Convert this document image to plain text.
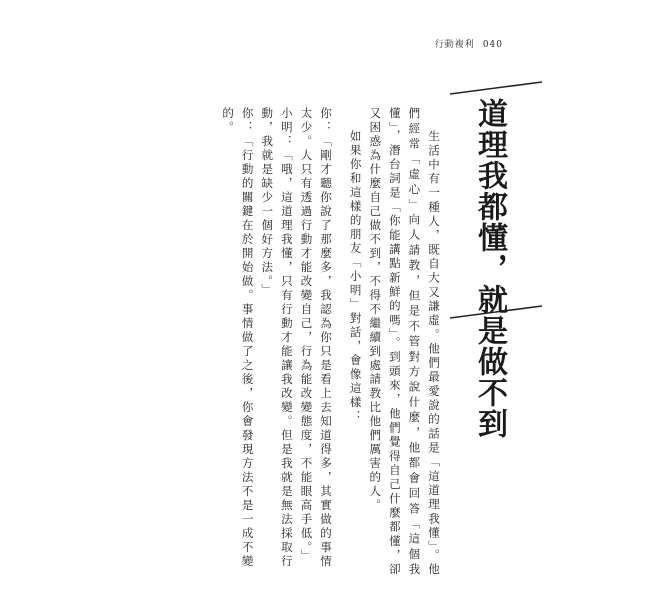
行動複利 040
道理我都懂，就是做不到

生活中有一種人，既自大又謙虛。他們最愛說的話是「這道理我懂」。他們經常「虛心」向人請教，但是不管對方說什麼，他都會回答「這個我懂」，潛台詞是「你能講點新鮮的嗎」。到頭來，他們覺得自己什麼都懂，卻又困惑為什麼自己做不到，不得不繼續到處請教比他們厲害的人。

如果你和這樣的朋友「小明」對話，會像這樣：

你：「剛才聽你說了那麼多，我認為你只是看上去知道得多，其實做的事情太少。人只有透過行動才能改變自己，行為能改變態度，不能眼高手低。」

小明：「哦，這道理我懂，只有行動才能讓我改變。但是我就是無法採取行動，我就是缺少一個好方法。」

你：「行動的關鍵在於開始做。事情做了之後，你會發現方法不是一成不變的。
